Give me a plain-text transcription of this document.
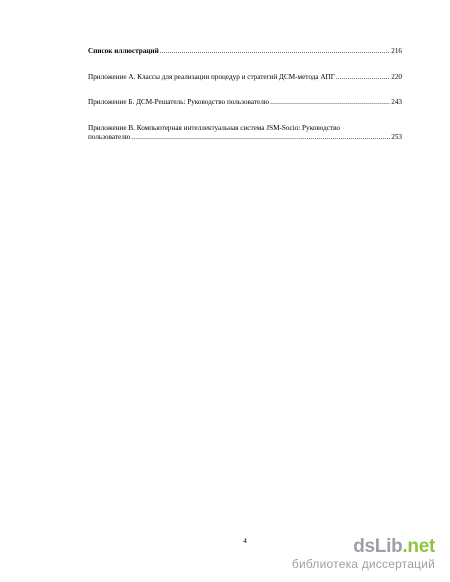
Список иллюстраций .....	216
Приложение А. Классы для реализации процедур и стратегий ДСМ-метода АПГ .....	220
Приложение Б. ДСМ-Решатель: Руководство пользователю .....	243
Приложение В. Компьютерная интеллектуальная система JSM-Socio: Руководство
пользователю .....	253
4	dsLib.net
библиотека диссертаций
